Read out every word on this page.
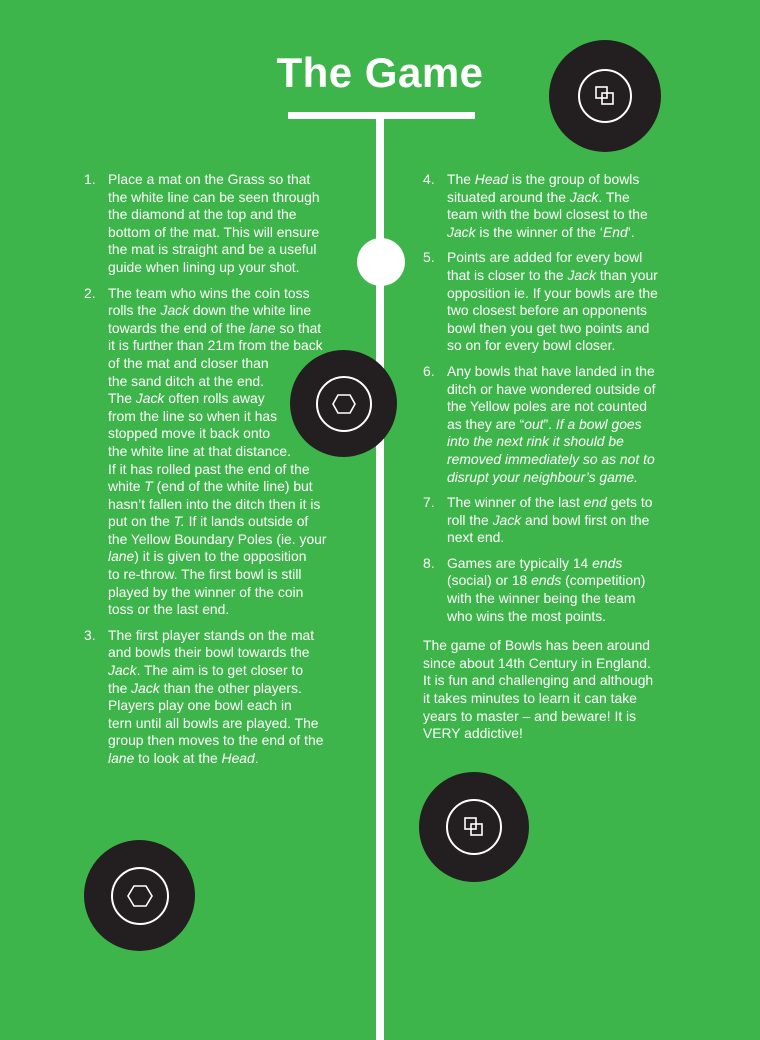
The Game
1. Place a mat on the Grass so that
the white line can be seen through
the diamond at the top and the
bottom of the mat. This will ensure
the mat is straight and be a useful
guide when lining up your shot.
2. The team who wins the coin toss
rolls the Jack down the white line
towards the end of the lane so that
it is further than 21m from the back
of the mat and closer than
the sand ditch at the end.
The Jack often rolls away
from the line so when it has
stopped move it back onto
the white line at that distance.
If it has rolled past the end of the
white T (end of the white line) but
hasn’t fallen into the ditch then it is
put on the T. If it lands outside of
the Yellow Boundary Poles (ie. your
lane) it is given to the opposition
to re-throw. The first bowl is still
played by the winner of the coin
toss or the last end.
3. The first player stands on the mat
and bowls their bowl towards the
Jack. The aim is to get closer to
the Jack than the other players.
Players play one bowl each in
tern until all bowls are played. The
group then moves to the end of the
lane to look at the Head.
4. The Head is the group of bowls
situated around the Jack. The
team with the bowl closest to the
Jack is the winner of the ‘End’.
5. Points are added for every bowl
that is closer to the Jack than your
opposition ie. If your bowls are the
two closest before an opponents
bowl then you get two points and
so on for every bowl closer.
6. Any bowls that have landed in the
ditch or have wondered outside of
the Yellow poles are not counted
as they are “out”. If a bowl goes
into the next rink it should be
removed immediately so as not to
disrupt your neighbour’s game.
7. The winner of the last end gets to
roll the Jack and bowl first on the
next end.
8. Games are typically 14 ends
(social) or 18 ends (competition)
with the winner being the team
who wins the most points.

The game of Bowls has been around
since about 14th Century in England.
It is fun and challenging and although
it takes minutes to learn it can take
years to master – and beware! It is
VERY addictive!
